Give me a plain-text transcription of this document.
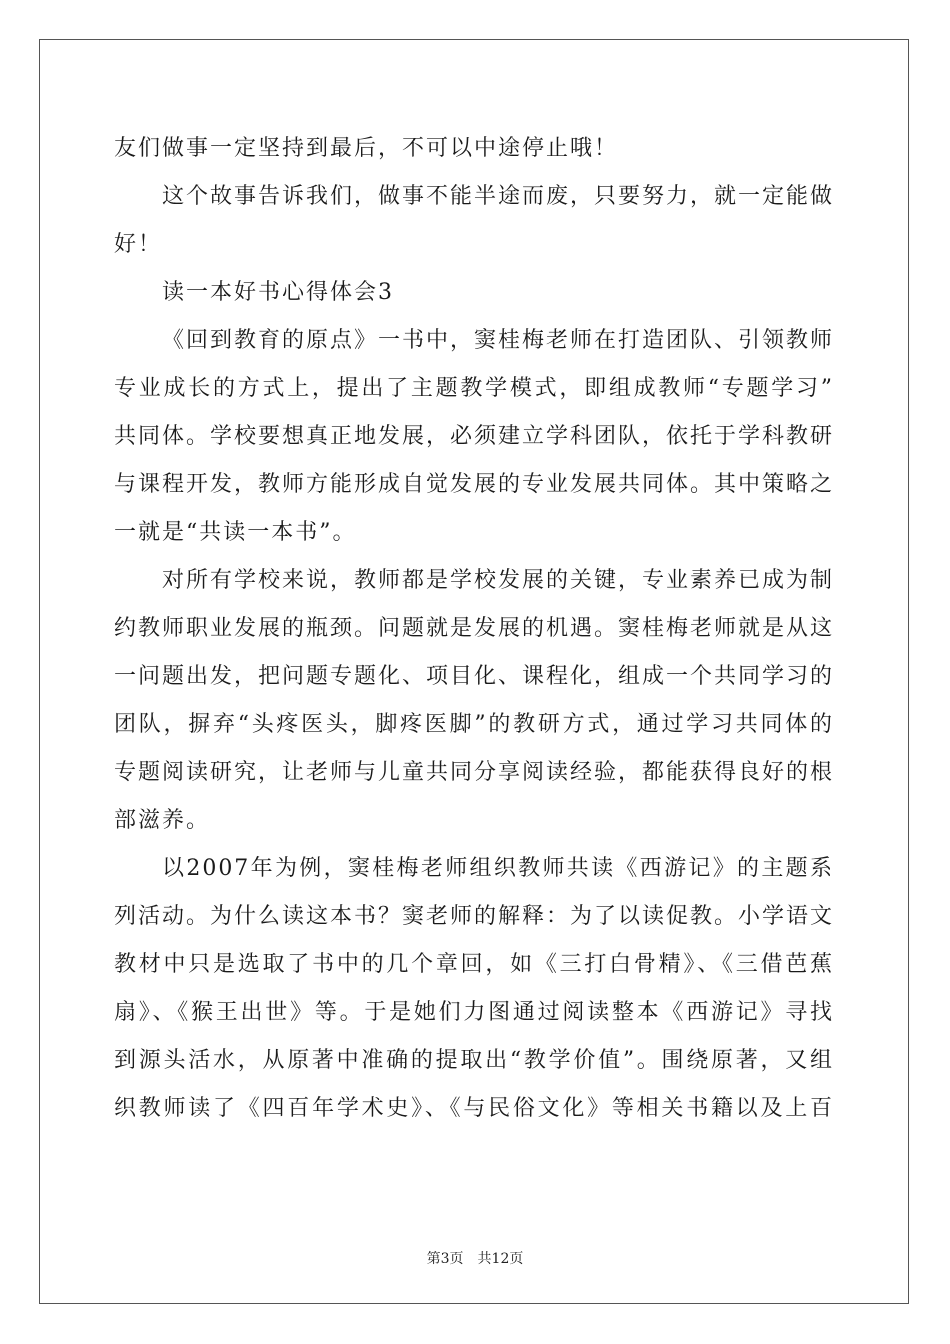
友们做事一定坚持到最后，不可以中途停止哦！
这个故事告诉我们，做事不能半途而废，只要努力，就一定能做
好！
读一本好书心得体会3
《回到教育的原点》一书中，窦桂梅老师在打造团队、引领教师
专业成长的方式上，提出了主题教学模式，即组成教师“专题学习”
共同体。学校要想真正地发展，必须建立学科团队，依托于学科教研
与课程开发，教师方能形成自觉发展的专业发展共同体。其中策略之
一就是“共读一本书”。
对所有学校来说，教师都是学校发展的关键，专业素养已成为制
约教师职业发展的瓶颈。问题就是发展的机遇。窦桂梅老师就是从这
一问题出发，把问题专题化、项目化、课程化，组成一个共同学习的
团队，摒弃“头疼医头，脚疼医脚”的教研方式，通过学习共同体的
专题阅读研究，让老师与儿童共同分享阅读经验，都能获得良好的根
部滋养。
以2007年为例，窦桂梅老师组织教师共读《西游记》的主题系
列活动。为什么读这本书？窦老师的解释：为了以读促教。小学语文
教材中只是选取了书中的几个章回，如《三打白骨精》、《三借芭蕉
扇》、《猴王出世》等。于是她们力图通过阅读整本《西游记》寻找
到源头活水，从原著中准确的提取出“教学价值”。围绕原著，又组
织教师读了《四百年学术史》、《与民俗文化》等相关书籍以及上百
第3页 共12页
